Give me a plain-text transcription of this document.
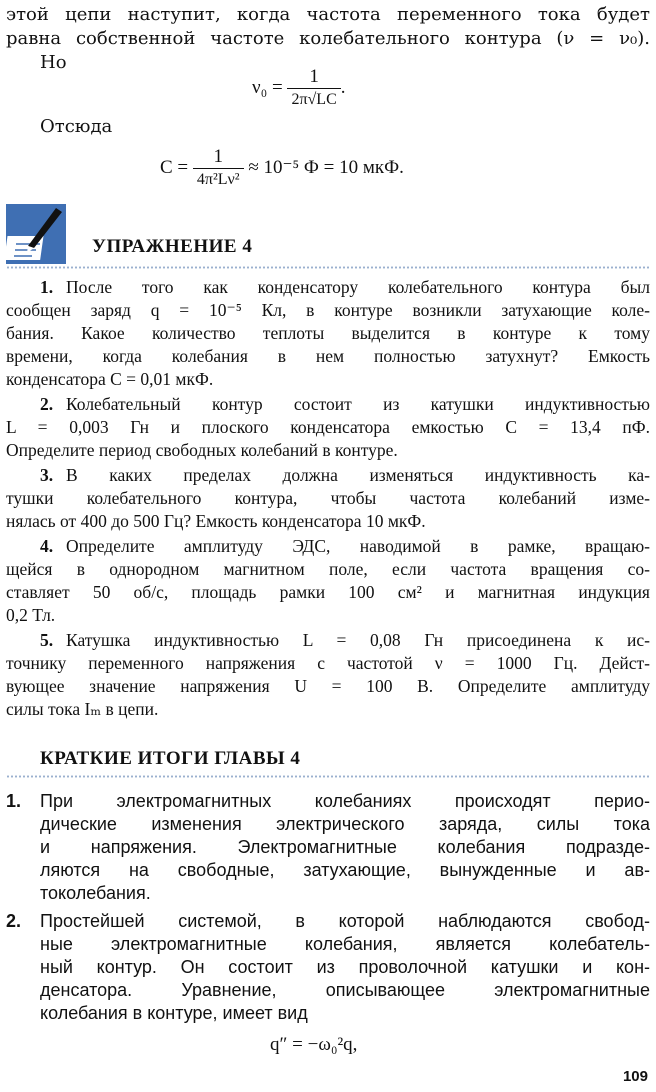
этой цепи наступит, когда частота переменного тока будет
равна собственной частоте колебательного контура (ν = ν₀).
Но
$\nu_0 = \frac{1}{2\pi√LC}$ .
Отсюда
$C = \frac{1}{\text{4π²Lν²}} \approx 10^{-5}$ Ф = 10 мкФ.
УПРАЖНЕНИЕ 4
1. После того как конденсатору колебательного контура был
сообщен заряд q = 10⁻⁵ Кл, в контуре возникли затухающие коле-
бания. Какое количество теплоты выделится в контуре к тому
времени, когда колебания в нем полностью затухнут? Емкость
конденсатора C = 0,01 мкФ.
2. Колебательный контур состоит из катушки индуктивностью
L = 0,003 Гн и плоского конденсатора емкостью C = 13,4 пФ.
Определите период свободных колебаний в контуре.
3. В каких пределах должна изменяться индуктивность ка-
тушки колебательного контура, чтобы частота колебаний изме-
нялась от 400 до 500 Гц? Емкость конденсатора 10 мкФ.
4. Определите амплитуду ЭДС, наводимой в рамке, вращаю-
щейся в однородном магнитном поле, если частота вращения со-
ставляет 50 об/с, площадь рамки 100 см² и магнитная индукция
0,2 Тл.
5. Катушка индуктивностью L = 0,08 Гн присоединена к ис-
точнику переменного напряжения с частотой ν = 1000 Гц. Дейст-
вующее значение напряжения U = 100 В. Определите амплитуду
силы тока Iₘ в цепи.
КРАТКИЕ ИТОГИ ГЛАВЫ 4
1. При электромагнитных колебаниях происходят перио-
дические изменения электрического заряда, силы тока
и напряжения. Электромагнитные колебания подразде-
ляются на свободные, затухающие, вынужденные и ав-
токолебания.
2. Простейшей системой, в которой наблюдаются свобод-
ные электромагнитные колебания, является колебатель-
ный контур. Он состоит из проволочной катушки и кон-
денсатора. Уравнение, описывающее электромагнитные
колебания в контуре, имеет вид
q″ = −ω₀²q,
109
